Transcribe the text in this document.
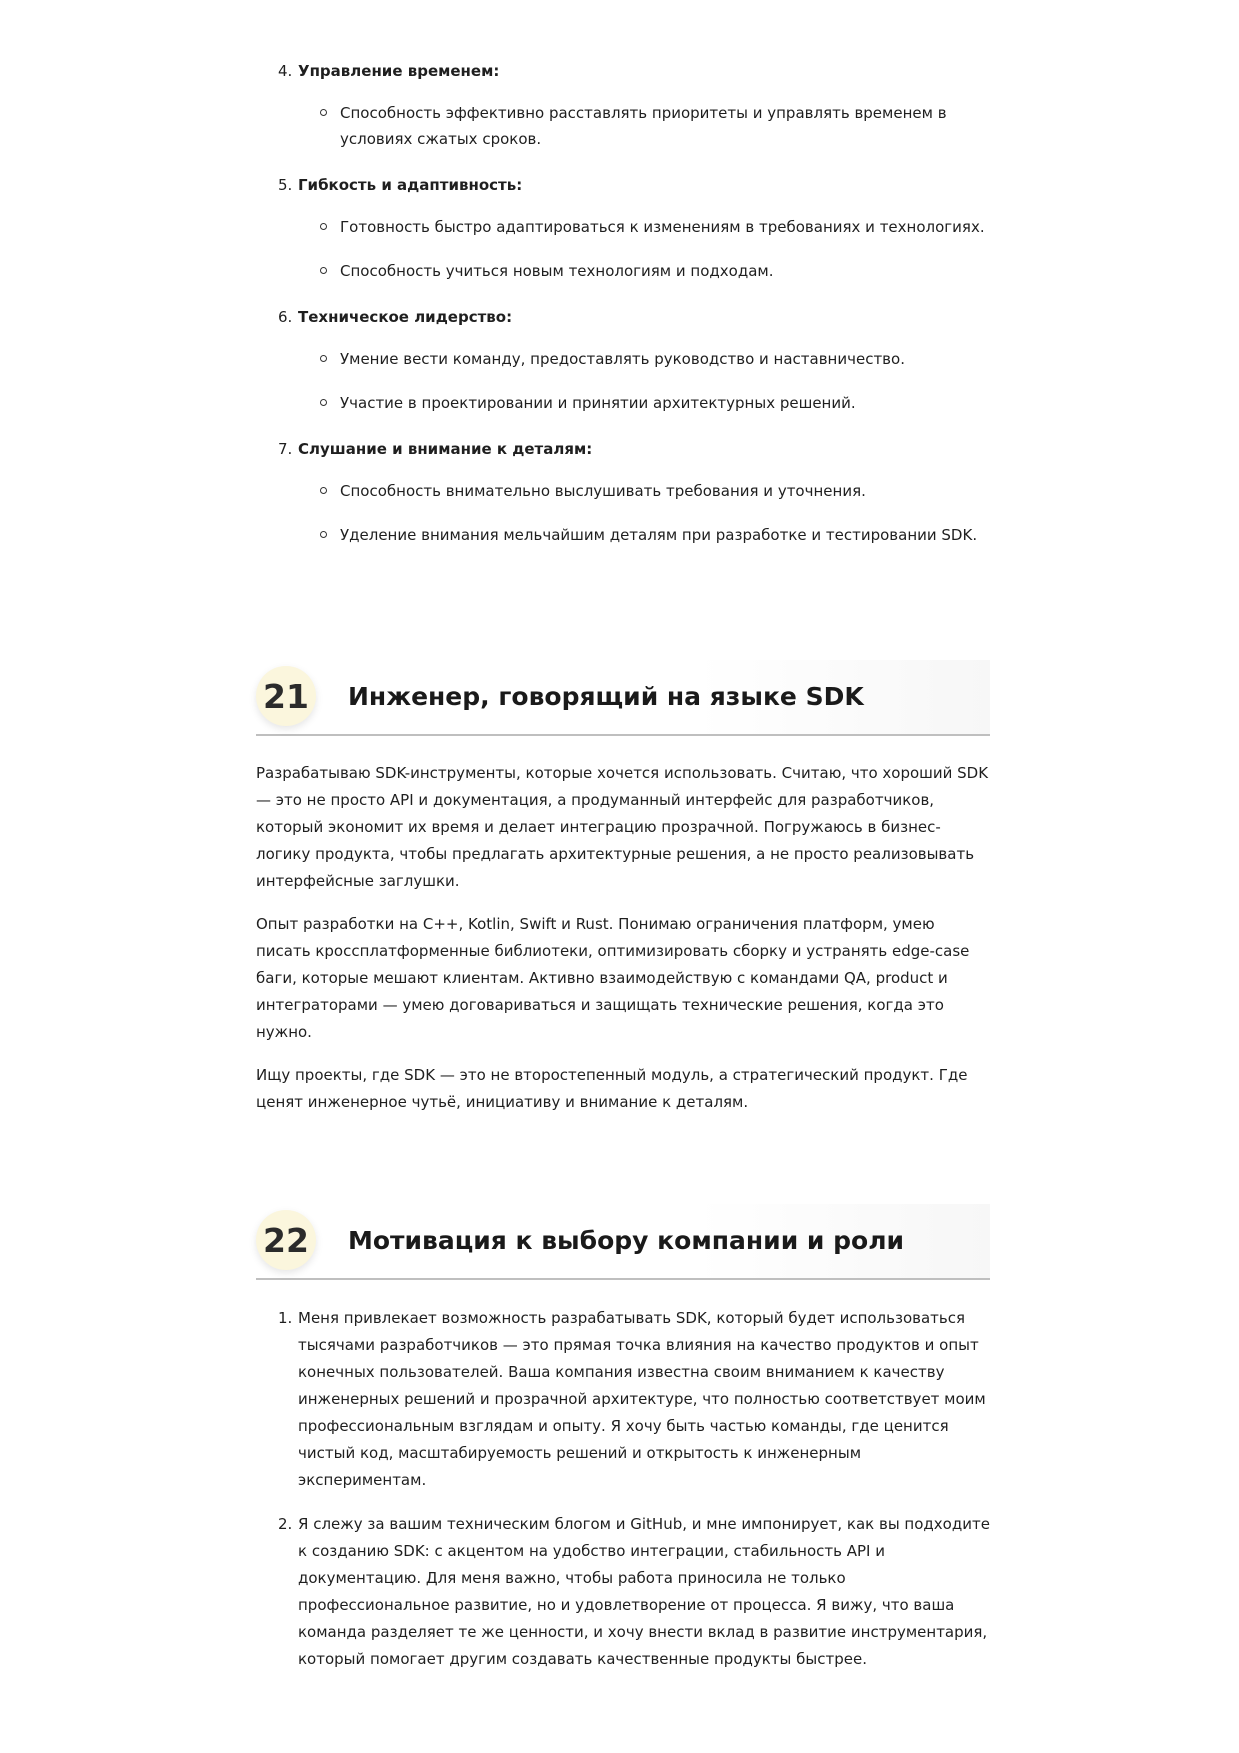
4. Управление временем:
Способность эффективно расставлять приоритеты и управлять временем в условиях сжатых сроков.
5. Гибкость и адаптивность:
Готовность быстро адаптироваться к изменениям в требованиях и технологиях.
Способность учиться новым технологиям и подходам.
6. Техническое лидерство:
Умение вести команду, предоставлять руководство и наставничество.
Участие в проектировании и принятии архитектурных решений.
7. Слушание и внимание к деталям:
Способность внимательно выслушивать требования и уточнения.
Уделение внимания мельчайшим деталям при разработке и тестировании SDK.
21 Инженер, говорящий на языке SDK

Разрабатываю SDK-инструменты, которые хочется использовать. Считаю, что хороший SDK — это не просто API и документация, а продуманный интерфейс для разработчиков, который экономит их время и делает интеграцию прозрачной. Погружаюсь в бизнес-логику продукта, чтобы предлагать архитектурные решения, а не просто реализовывать интерфейсные заглушки.

Опыт разработки на C++, Kotlin, Swift и Rust. Понимаю ограничения платформ, умею писать кроссплатформенные библиотеки, оптимизировать сборку и устранять edge-case баги, которые мешают клиентам. Активно взаимодействую с командами QA, product и интеграторами — умею договариваться и защищать технические решения, когда это нужно.

Ищу проекты, где SDK — это не второстепенный модуль, а стратегический продукт. Где ценят инженерное чутьё, инициативу и внимание к деталям.

22 Мотивация к выбору компании и роли
1. Меня привлекает возможность разрабатывать SDK, который будет использоваться тысячами разработчиков — это прямая точка влияния на качество продуктов и опыт конечных пользователей. Ваша компания известна своим вниманием к качеству инженерных решений и прозрачной архитектуре, что полностью соответствует моим профессиональным взглядам и опыту. Я хочу быть частью команды, где ценится чистый код, масштабируемость решений и открытость к инженерным экспериментам.
2. Я слежу за вашим техническим блогом и GitHub, и мне импонирует, как вы подходите к созданию SDK: с акцентом на удобство интеграции, стабильность API и документацию. Для меня важно, чтобы работа приносила не только профессиональное развитие, но и удовлетворение от процесса. Я вижу, что ваша команда разделяет те же ценности, и хочу внести вклад в развитие инструментария, который помогает другим создавать качественные продукты быстрее.
